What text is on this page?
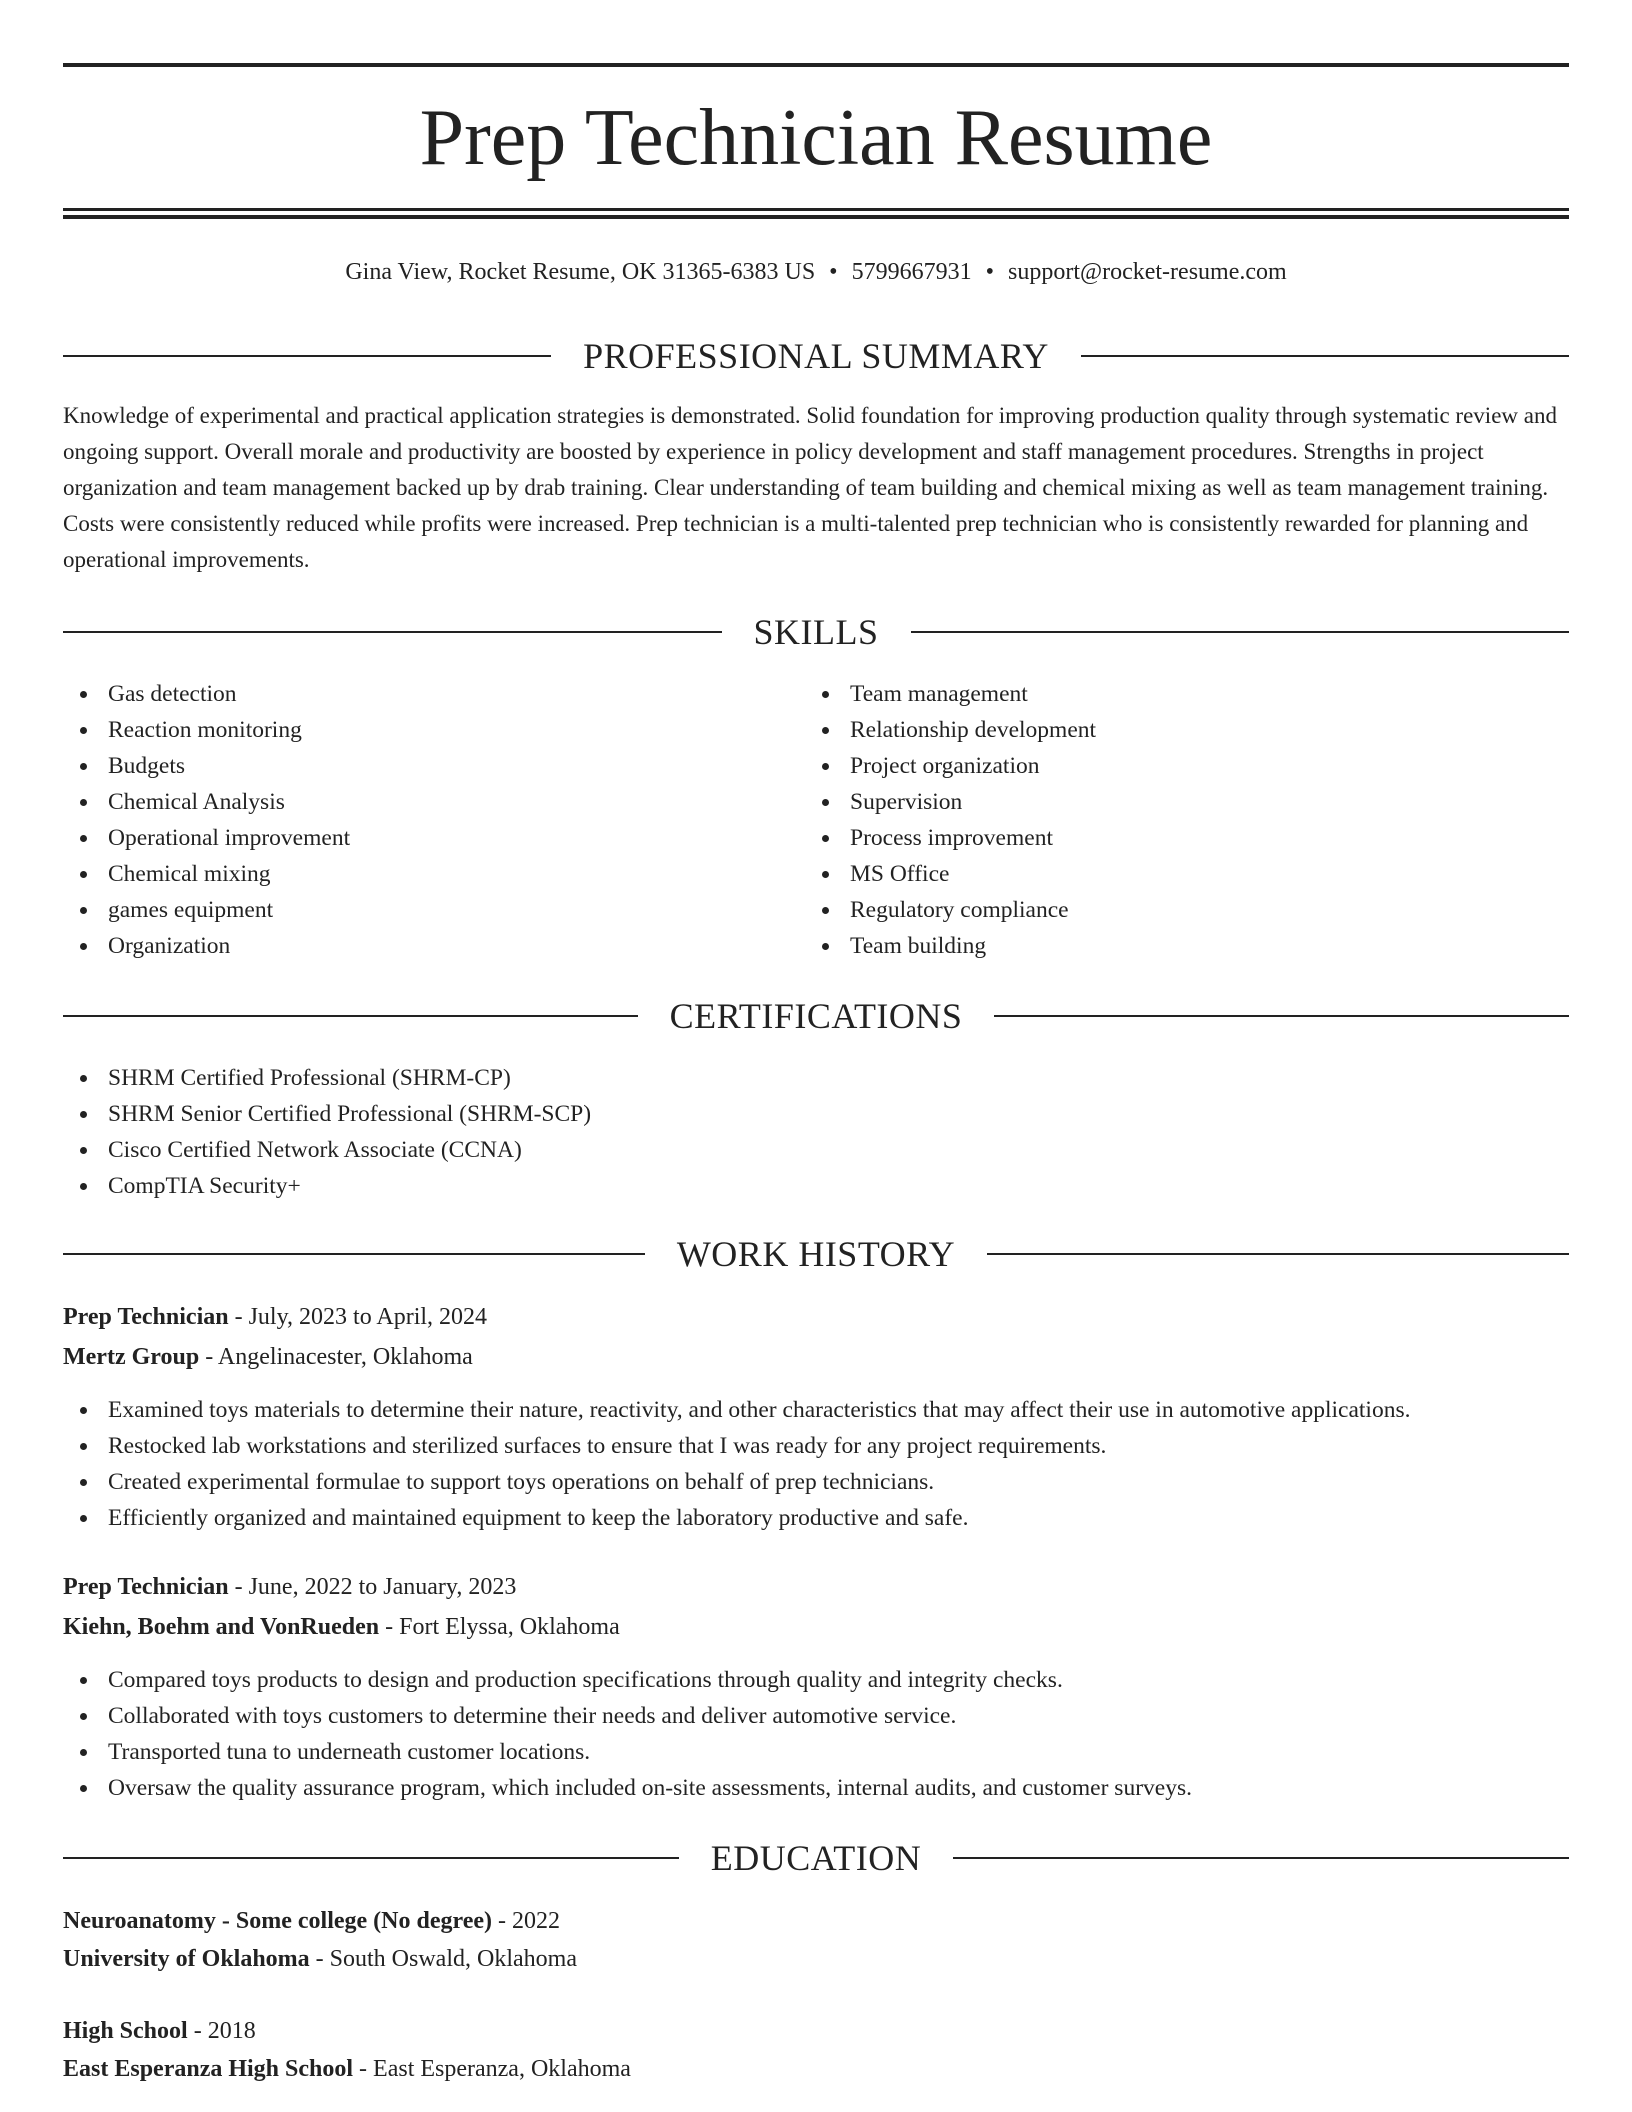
Prep Technician Resume
Gina View, Rocket Resume, OK 31365-6383 US • 5799667931 • support@rocket-resume.com
PROFESSIONAL SUMMARY

Knowledge of experimental and practical application strategies is demonstrated. Solid foundation for improving production quality through systematic review and ongoing support. Overall morale and productivity are boosted by experience in policy development and staff management procedures. Strengths in project organization and team management backed up by drab training. Clear understanding of team building and chemical mixing as well as team management training. Costs were consistently reduced while profits were increased. Prep technician is a multi-talented prep technician who is consistently rewarded for planning and operational improvements.

SKILLS
Gas detection
Reaction monitoring
Budgets
Chemical Analysis
Operational improvement
Chemical mixing
games equipment
Organization
Team management
Relationship development
Project organization
Supervision
Process improvement
MS Office
Regulatory compliance
Team building
CERTIFICATIONS
SHRM Certified Professional (SHRM-CP)
SHRM Senior Certified Professional (SHRM-SCP)
Cisco Certified Network Associate (CCNA)
CompTIA Security+
WORK HISTORY
Prep Technician - July, 2023 to April, 2024
Mertz Group - Angelinacester, Oklahoma
Examined toys materials to determine their nature, reactivity, and other characteristics that may affect their use in automotive applications.
Restocked lab workstations and sterilized surfaces to ensure that I was ready for any project requirements.
Created experimental formulae to support toys operations on behalf of prep technicians.
Efficiently organized and maintained equipment to keep the laboratory productive and safe.
Prep Technician - June, 2022 to January, 2023
Kiehn, Boehm and VonRueden - Fort Elyssa, Oklahoma
Compared toys products to design and production specifications through quality and integrity checks.
Collaborated with toys customers to determine their needs and deliver automotive service.
Transported tuna to underneath customer locations.
Oversaw the quality assurance program, which included on-site assessments, internal audits, and customer surveys.
EDUCATION
Neuroanatomy - Some college (No degree) - 2022
University of Oklahoma - South Oswald, Oklahoma
High School - 2018
East Esperanza High School - East Esperanza, Oklahoma
